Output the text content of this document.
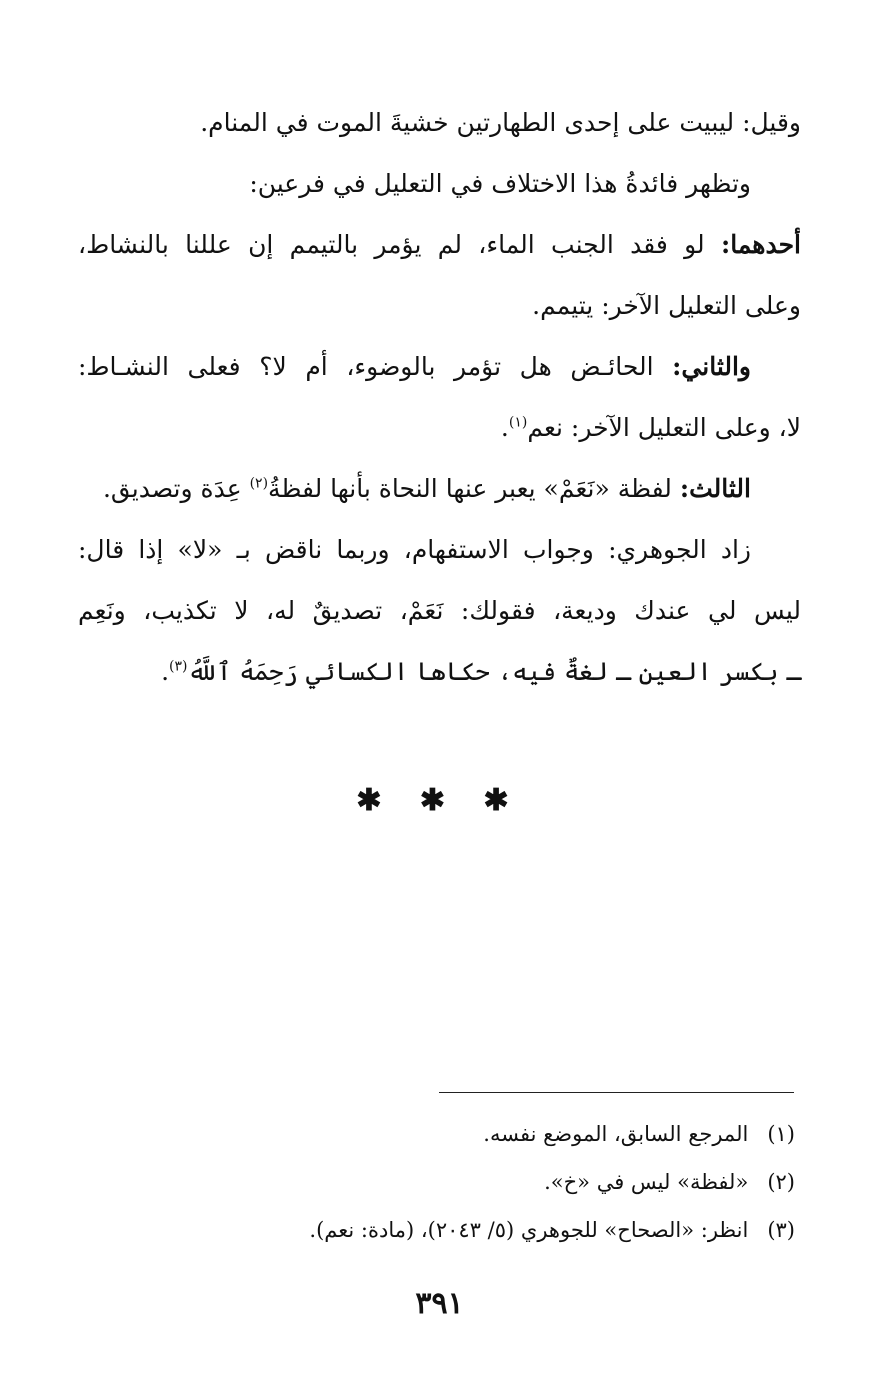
وقيل: ليبيت على إحدى الطهارتين خشيةَ الموت في المنام.
وتظهر فائدةُ هذا الاختلاف في التعليل في فرعين:
أحدهما: لو فقد الجنب الماء، لم يؤمر بالتيمم إن عللنا بالنشاط،
وعلى التعليل الآخر: يتيمم.
والثاني: الحائـض هل تؤمر بالوضوء، أم لا؟ فعلى النشـاط:
لا، وعلى التعليل الآخر: نعم$^{(١)}$.
الثالث: لفظة «نَعَمْ» يعبر عنها النحاة بأنها لفظةُ$^{(٢)}$ عِدَة وتصديق.
زاد الجوهري: وجواب الاستفهام، وربما ناقض بـ «لا» إذا قال:
ليس لي عندك وديعة، فقولك: نَعَمْ، تصديقٌ له، لا تكذيب، ونَعِم
ـ بكسر العين ـ لغةٌ فيه، حكاها الكسائي رَحِمَهُ ٱللَّهُ$^{(٣)}$.
✱ ✱ ✱
(١) المرجع السابق، الموضع نفسه.
(٢) «لفظة» ليس في «خ».
(٣) انظر: «الصحاح» للجوهري (٥/ ٢٠٤٣)، (مادة: نعم).
٣٩١
